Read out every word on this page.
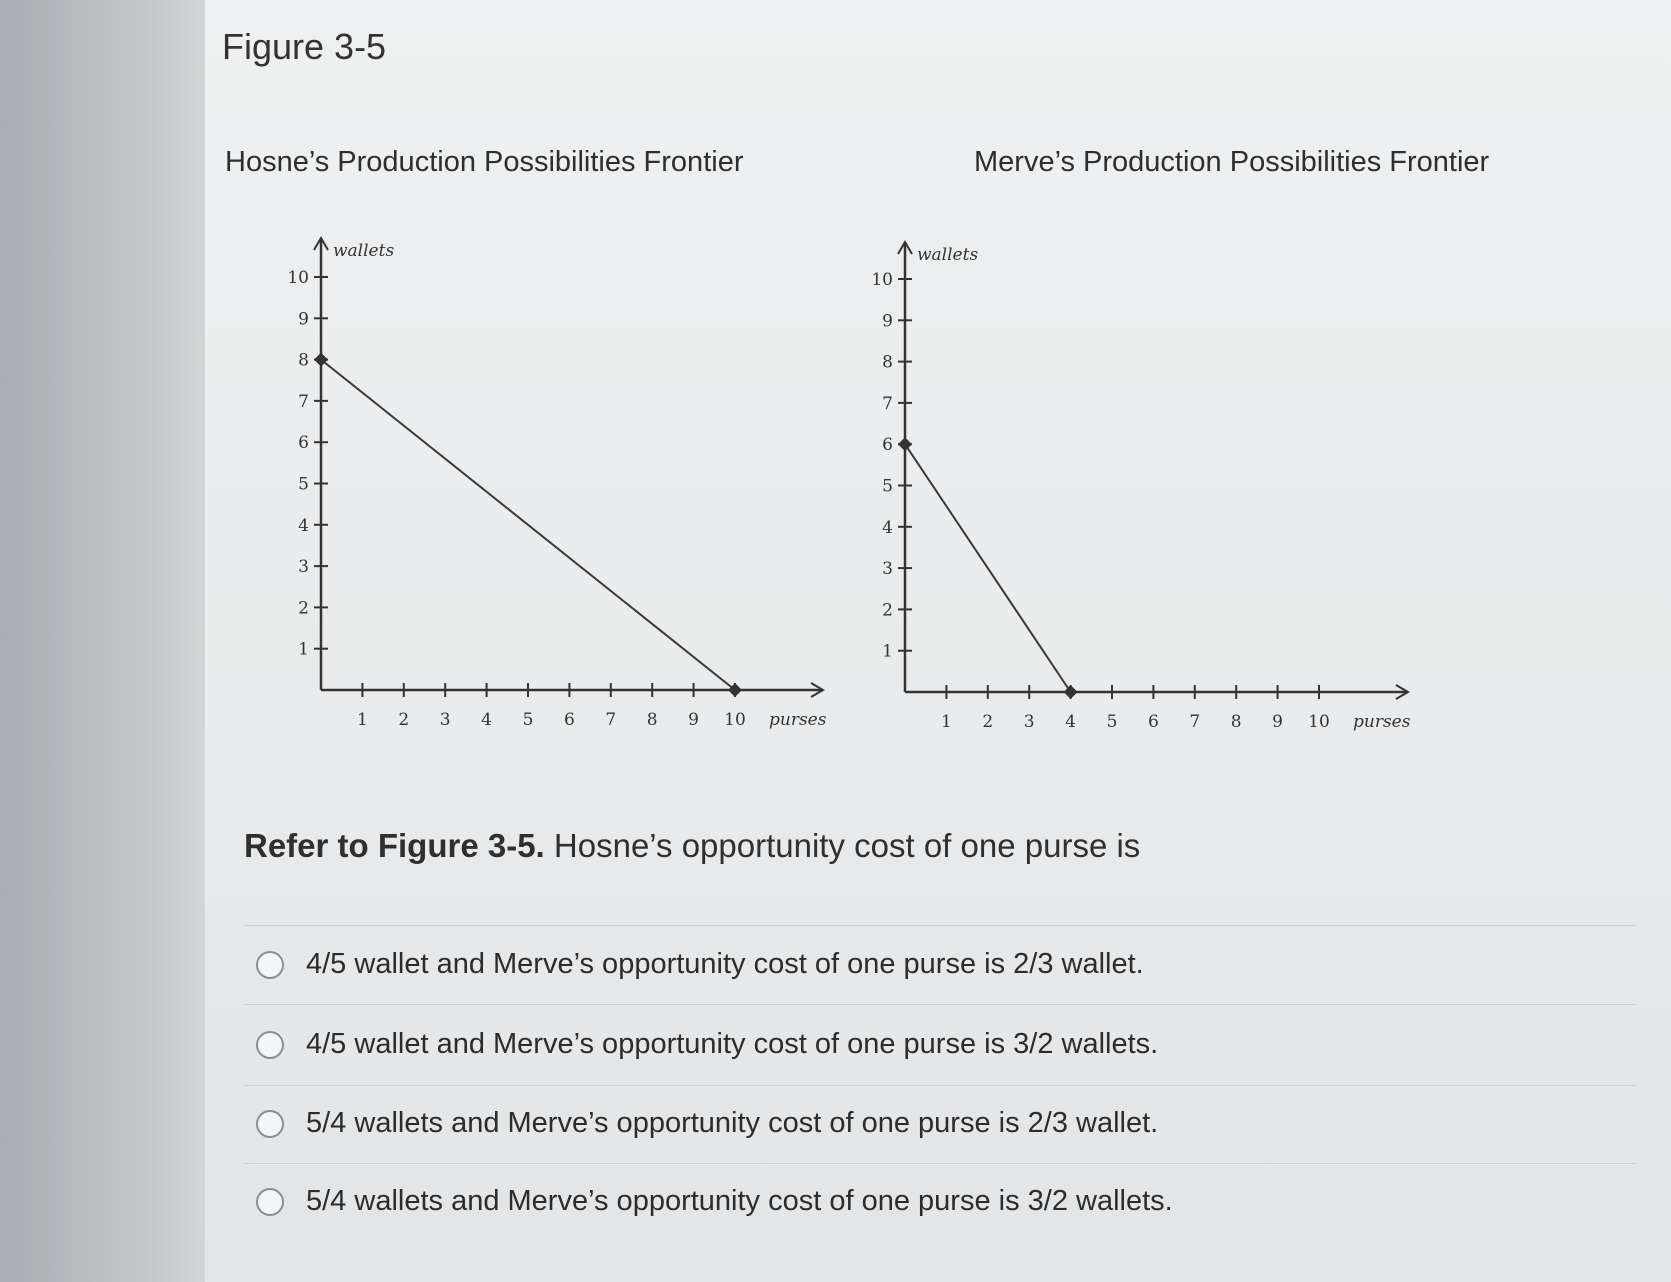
Figure 3-5
Hosne’s Production Possibilities Frontier	Merve’s Production Possibilities Frontier
wallets
purses
1 2 3 4 5 6 7 8 9 10
1
2
3
4
5
6
7
8
9
10
wallets
purses
1 2 3 4 5 6 7 8 9 10
1
2
3
4
5
6
7
8
9
10
Refer to Figure 3-5. Hosne’s opportunity cost of one purse is
4/5 wallet and Merve’s opportunity cost of one purse is 2/3 wallet.
4/5 wallet and Merve’s opportunity cost of one purse is 3/2 wallets.
5/4 wallets and Merve’s opportunity cost of one purse is 2/3 wallet.
5/4 wallets and Merve’s opportunity cost of one purse is 3/2 wallets.
